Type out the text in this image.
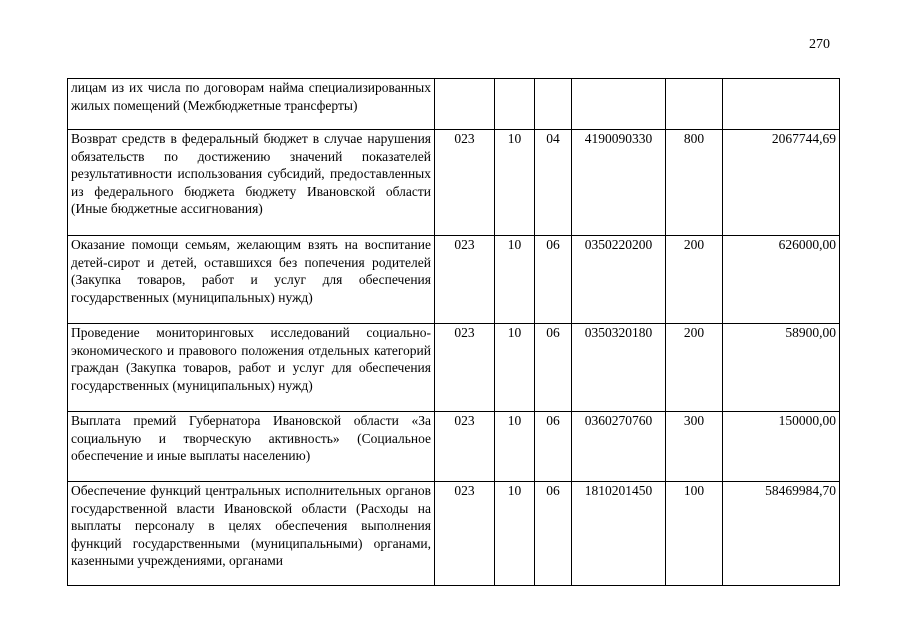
270
лицам из их числа по договорам найма специализированных жилых помещений (Межбюджетные трансферты)						
Возврат средств в федеральный бюджет в случае нарушения обязательств по достижению значений показателей результативности использования субсидий, предоставленных из федерального бюджета бюджету Ивановской области (Иные бюджетные ассигнования)	023	10	04	4190090330	800	2067744,69
Оказание помощи семьям, желающим взять на воспитание детей-сирот и детей, оставшихся без попечения родителей (Закупка товаров, работ и услуг для обеспечения государственных (муниципальных) нужд)	023	10	06	0350220200	200	626000,00
Проведение мониторинговых исследований социально-экономического и правового положения отдельных категорий граждан (Закупка товаров, работ и услуг для обеспечения государственных (муниципальных) нужд)	023	10	06	0350320180	200	58900,00
Выплата премий Губернатора Ивановской области «За социальную и творческую активность» (Социальное обеспечение и иные выплаты населению)	023	10	06	0360270760	300	150000,00
Обеспечение функций центральных исполнительных органов государственной власти Ивановской области (Расходы на выплаты персоналу в целях обеспечения выполнения функций государственными (муниципальными) органами, казенными учреждениями, органами	023	10	06	1810201450	100	58469984,70
